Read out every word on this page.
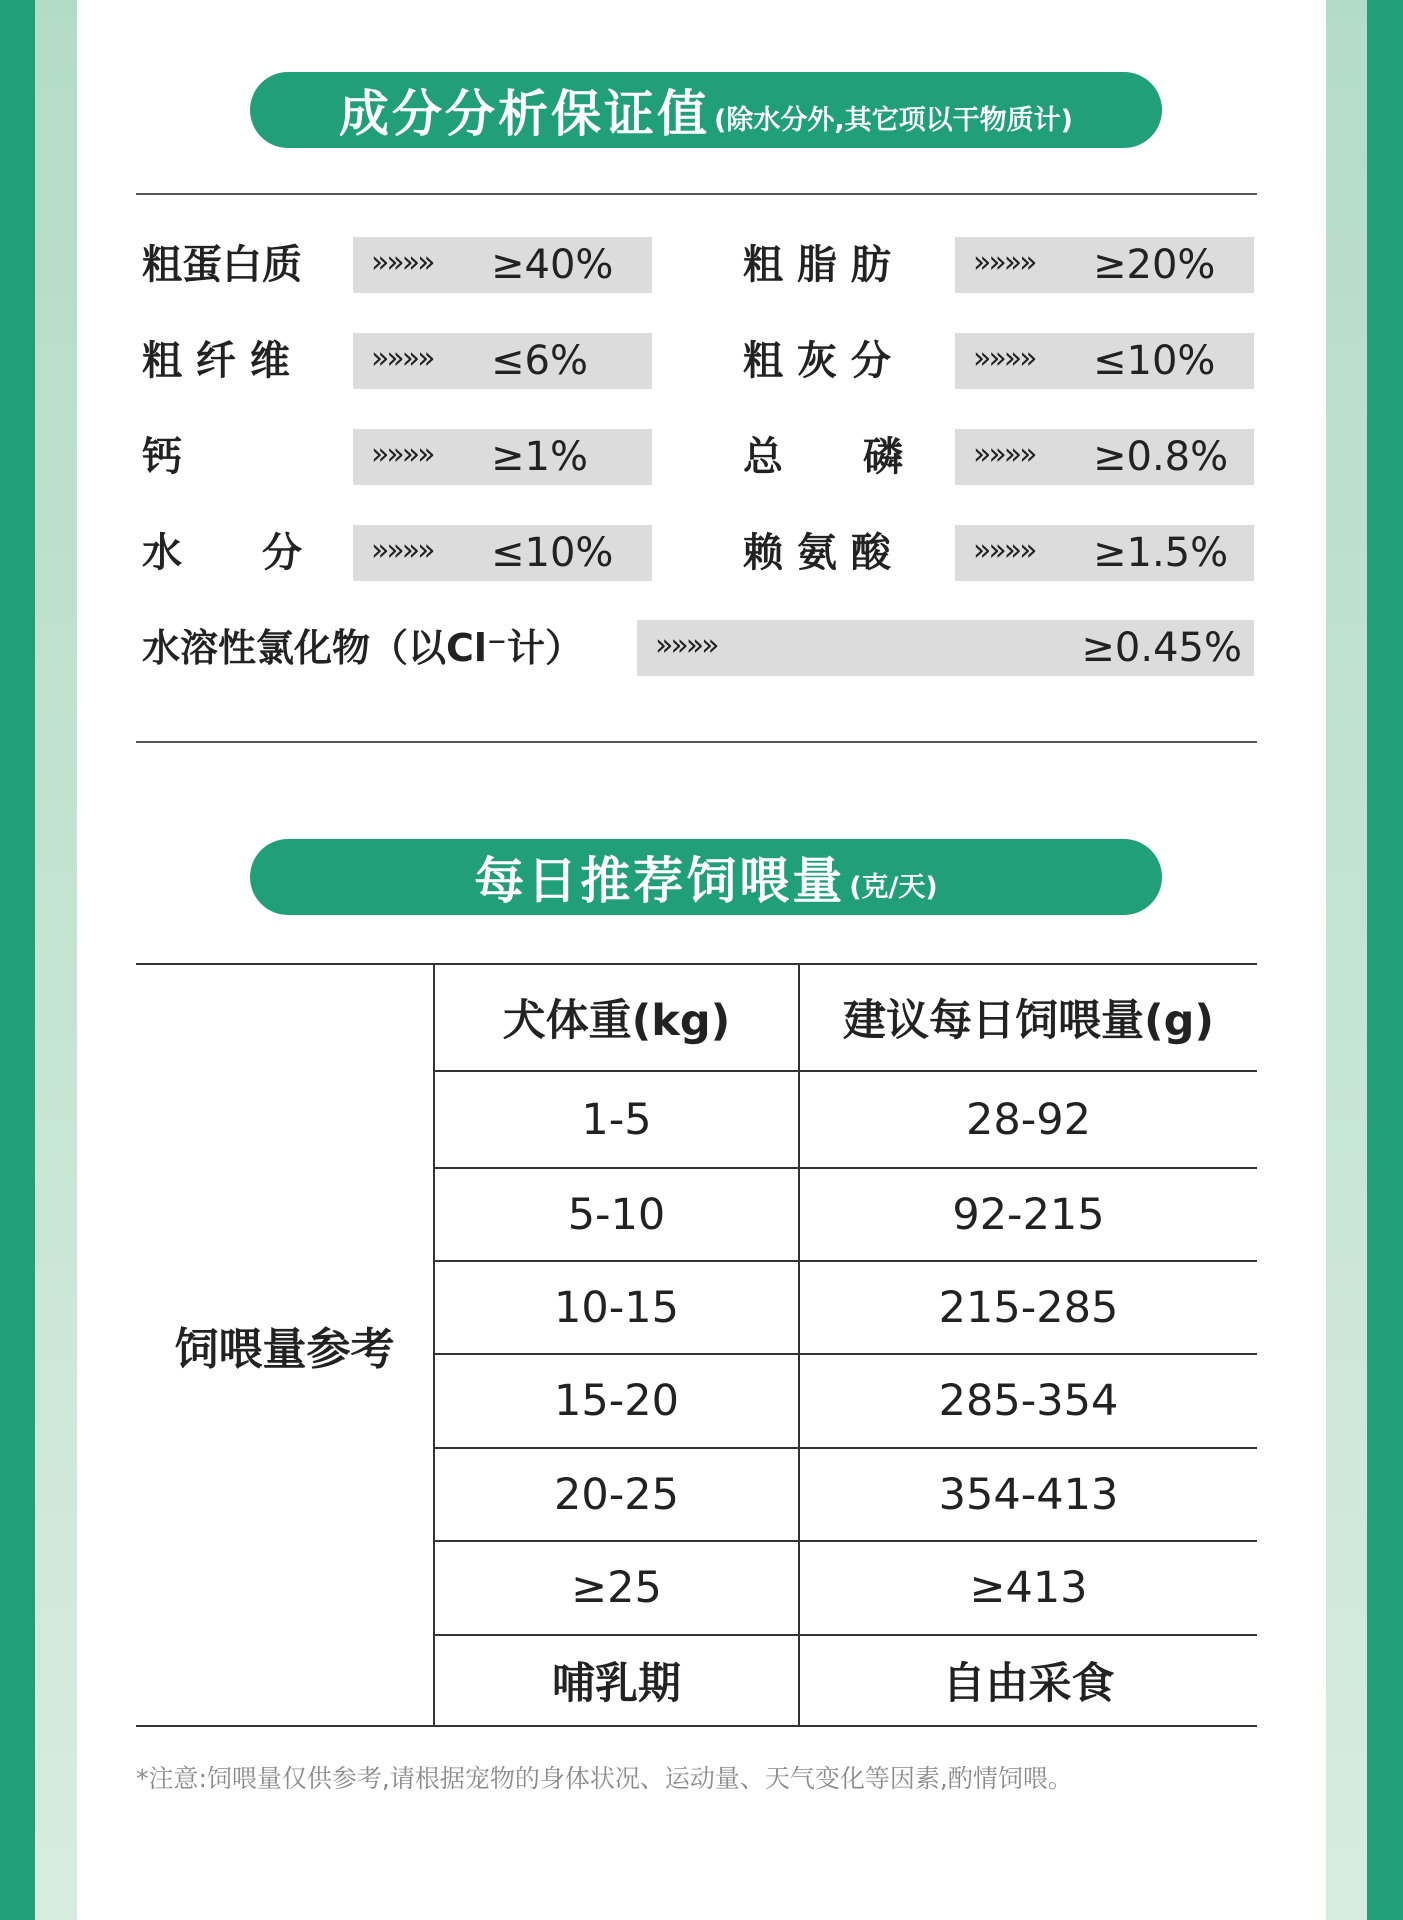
成分分析保证值 (除水分外,其它项以干物质计)
粗蛋白质	»»»» ≥40%	粗 脂 肪	»»»» ≥20%
粗 纤 维	»»»» ≤6%	粗 灰 分	»»»» ≤10%
钙	»»»» ≥1%	总　　磷	»»»» ≥0.8%
水　　分	»»»» ≤10%	赖 氨 酸	»»»» ≥1.5%
水溶性氯化物（以Cl⁻计）	»»»»	≥0.45%
每日推荐饲喂量 (克/天)
饲喂量参考
犬体重(kg)	建议每日饲喂量(g)
1-5	28-92
5-10	92-215
10-15	215-285
15-20	285-354
20-25	354-413
≥25	≥413
哺乳期	自由采食
*注意:饲喂量仅供参考,请根据宠物的身体状况、运动量、天气变化等因素,酌情饲喂。
